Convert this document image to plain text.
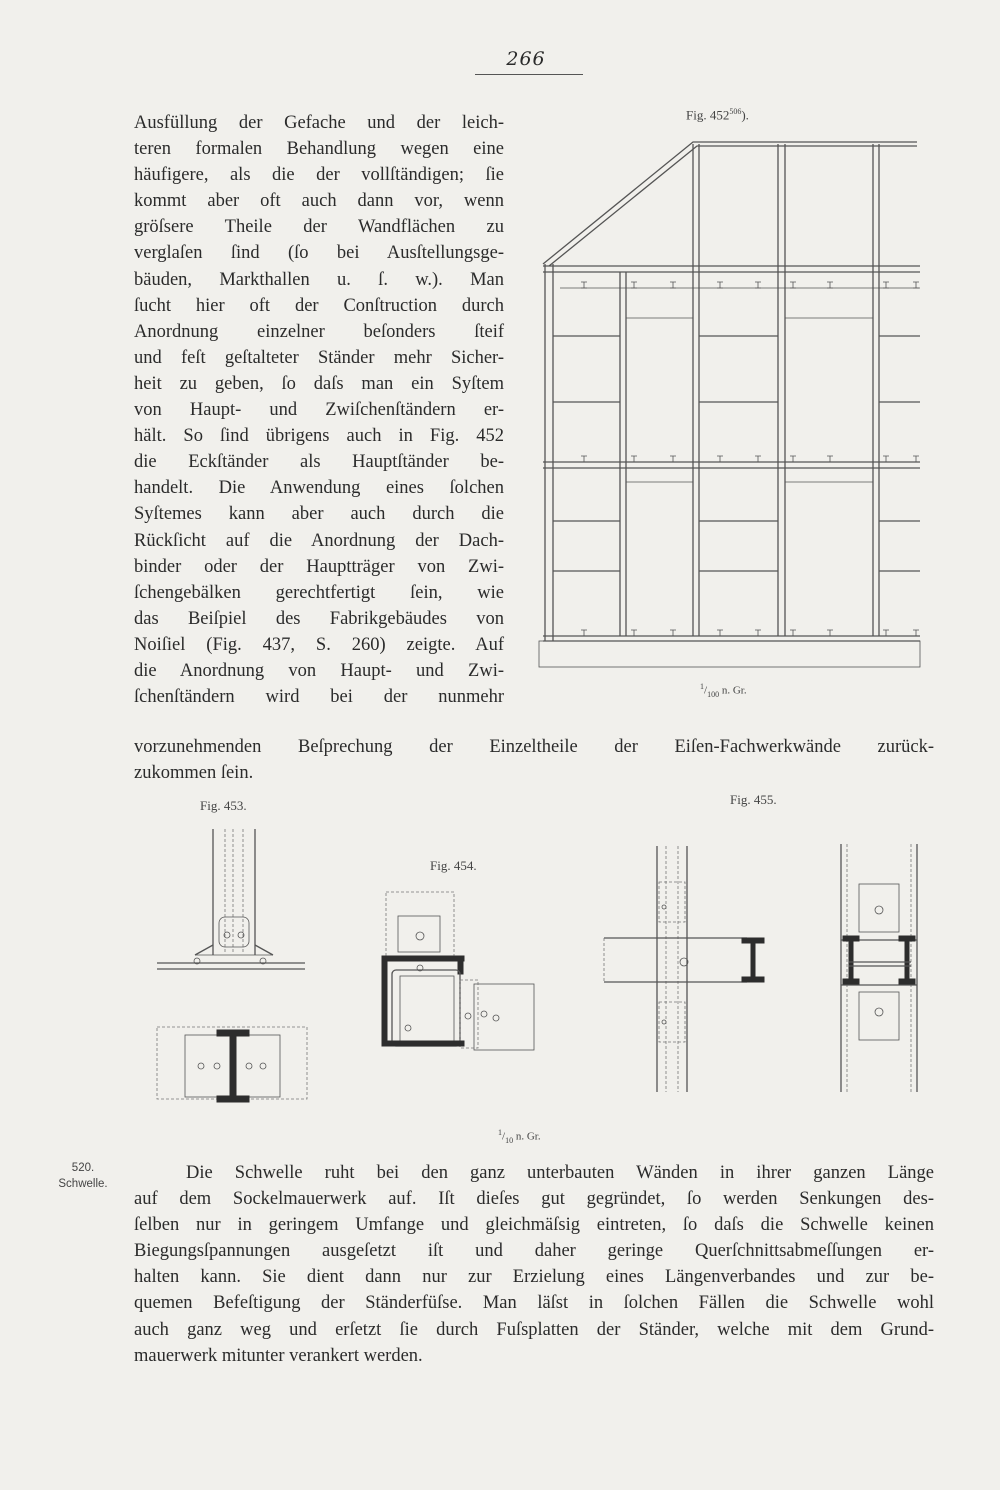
266
Ausfüllung der Gefache und der leich-
teren formalen Behandlung wegen eine
häufigere, als die der vollſtändigen; ſie
kommt aber oft auch dann vor, wenn
gröſsere Theile der Wandflächen zu
verglaſen ſind (ſo bei Ausſtellungsge-
bäuden, Markthallen u. ſ. w.). Man
ſucht hier oft der Conſtruction durch
Anordnung einzelner beſonders ſteif
und feſt geſtalteter Ständer mehr Sicher-
heit zu geben, ſo daſs man ein Syſtem
von Haupt- und Zwiſchenſtändern er-
hält. So ſind übrigens auch in Fig. 452
die Eckſtänder als Hauptſtänder be-
handelt. Die Anwendung eines ſolchen
Syſtemes kann aber auch durch die
Rückſicht auf die Anordnung der Dach-
binder oder der Hauptträger von Zwi-
ſchengebälken gerechtfertigt ſein, wie
das Beiſpiel des Fabrikgebäudes von
Noiſiel (Fig. 437, S. 260) zeigte. Auf
die Anordnung von Haupt- und Zwi-
ſchenſtändern wird bei der nunmehr
vorzunehmenden Beſprechung der Einzeltheile der Eiſen-Fachwerkwände zurück-
zukommen ſein.
Fig. $452^{506}$).
$^1/_{100}$ n. Gr.
Fig. 453.
Fig. 454.
Fig. 455.
$^1/_{10}$ n. Gr.
520.
Schwelle.
Die Schwelle ruht bei den ganz unterbauten Wänden in ihrer ganzen Länge
auf dem Sockelmauerwerk auf. Iſt dieſes gut gegründet, ſo werden Senkungen des-
ſelben nur in geringem Umfange und gleichmäſsig eintreten, ſo daſs die Schwelle keinen
Biegungsſpannungen ausgeſetzt iſt und daher geringe Querſchnittsabmeſſungen er-
halten kann. Sie dient dann nur zur Erzielung eines Längenverbandes und zur be-
quemen Befeſtigung der Ständerfüſse. Man läſst in ſolchen Fällen die Schwelle wohl
auch ganz weg und erſetzt ſie durch Fuſsplatten der Ständer, welche mit dem Grund-
mauerwerk mitunter verankert werden.
